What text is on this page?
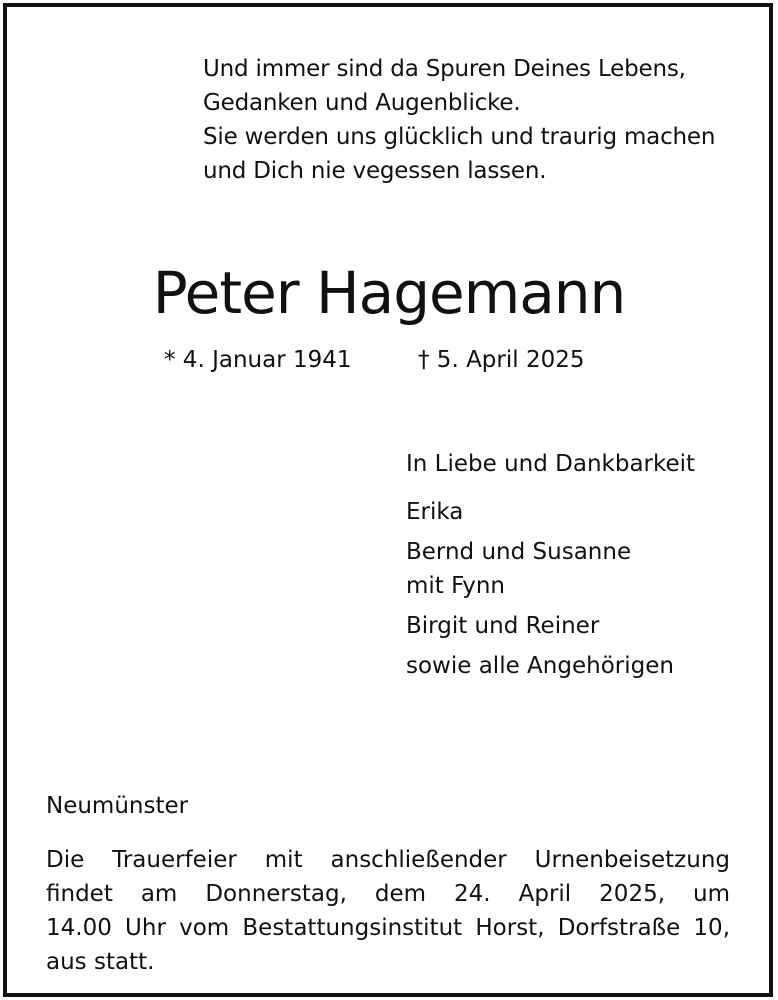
Und immer sind da Spuren Deines Lebens,
Gedanken und Augenblicke.
Sie werden uns glücklich und traurig machen
und Dich nie vegessen lassen.
Peter Hagemann
* 4. Januar 1941	† 5. April 2025
In Liebe und Dankbarkeit
Erika
Bernd und Susanne
mit Fynn
Birgit und Reiner
sowie alle Angehörigen
Neumünster
Die Trauerfeier mit anschließender Urnenbeisetzung
findet am Donnerstag, dem 24. April 2025, um
14.00 Uhr vom Bestattungsinstitut Horst, Dorfstraße 10,
aus statt.
